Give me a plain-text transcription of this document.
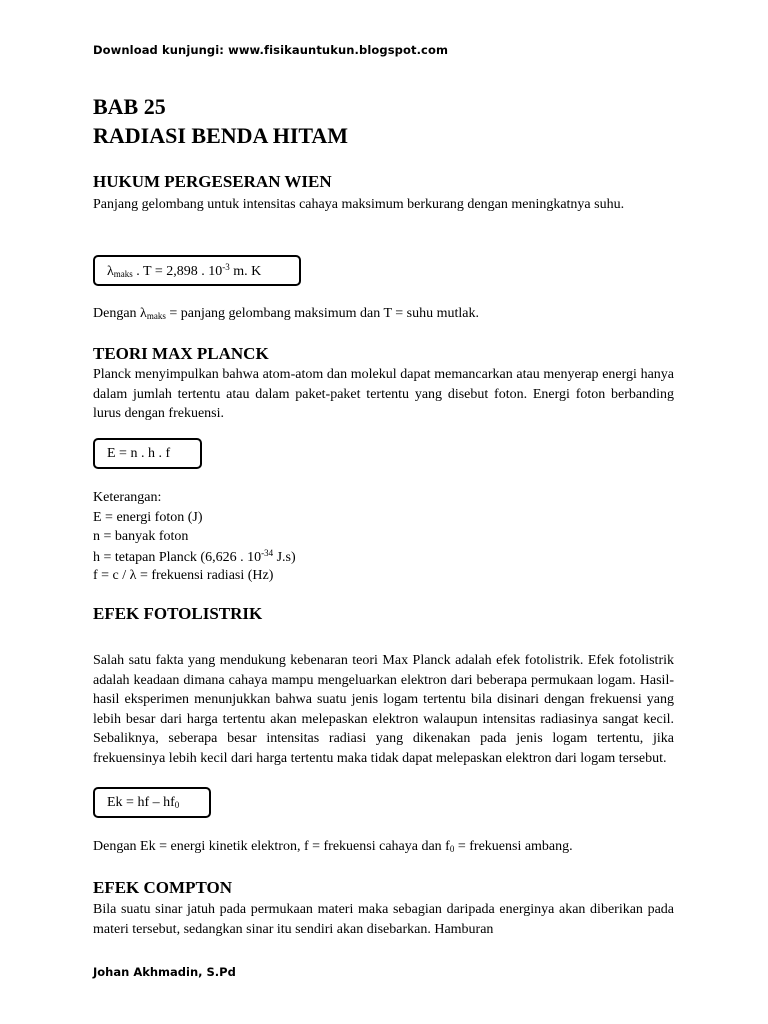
Download kunjungi: www.fisikauntukun.blogspot.com
BAB 25
RADIASI BENDA HITAM
HUKUM PERGESERAN WIEN

Panjang gelombang untuk intensitas cahaya maksimum berkurang dengan meningkatnya suhu.

$\lambda_{maks}$ . T = 2,898 . $10^{-3}$ m. K
Dengan $\lambda_{maks}$ = panjang gelombang maksimum dan T = suhu mutlak.
TEORI MAX PLANCK

Planck menyimpulkan bahwa atom-atom dan molekul dapat memancarkan atau menyerap energi hanya dalam jumlah tertentu atau dalam paket-paket tertentu yang disebut foton. Energi foton berbanding lurus dengan frekuensi.

E = n . h . f
Keterangan:
E = energi foton (J)
n = banyak foton
h = tetapan Planck (6,626 . $10^{-34}$ J.s)
f = c / λ = frekuensi radiasi (Hz)
EFEK FOTOLISTRIK

Salah satu fakta yang mendukung kebenaran teori Max Planck adalah efek fotolistrik. Efek fotolistrik adalah keadaan dimana cahaya mampu mengeluarkan elektron dari beberapa permukaan logam. Hasil-hasil eksperimen menunjukkan bahwa suatu jenis logam tertentu bila disinari dengan frekuensi yang lebih besar dari harga tertentu akan melepaskan elektron walaupun intensitas radiasinya sangat kecil. Sebaliknya, seberapa besar intensitas radiasi yang dikenakan pada jenis logam tertentu, jika frekuensinya lebih kecil dari harga tertentu maka tidak dapat melepaskan elektron dari logam tersebut.

Ek = hf – $hf_0$
Dengan Ek = energi kinetik elektron, f = frekuensi cahaya dan $f_0$ = frekuensi ambang.
EFEK COMPTON

Bila suatu sinar jatuh pada permukaan materi maka sebagian daripada energinya akan diberikan pada materi tersebut, sedangkan sinar itu sendiri akan disebarkan. Hamburan

Johan Akhmadin, S.Pd
